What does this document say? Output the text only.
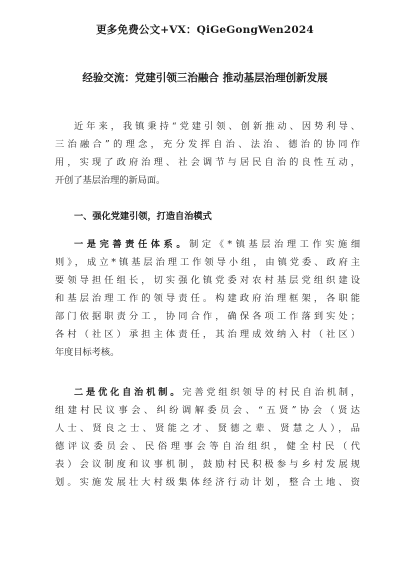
更多免费公文+VX：QiGeGongWen2024
经验交流：党建引领三治融合 推动基层治理创新发展
近年来，我镇秉持“党建引领、创新推动、因势利导、
三治融合”的理念，充分发挥自治、法治、德治的协同作
用，实现了政府治理、社会调节与居民自治的良性互动，
开创了基层治理的新局面。
一、强化党建引领，打造自治模式
一是完善责任体系。制定《*镇基层治理工作实施细
则》，成立*镇基层治理工作领导小组，由镇党委、政府主
要领导担任组长，切实强化镇党委对农村基层党组织建设
和基层治理工作的领导责任。构建政府治理框架，各职能
部门依据职责分工，协同合作，确保各项工作落到实处；
各村（社区）承担主体责任，其治理成效纳入村（社区）
年度目标考核。
二是优化自治机制。完善党组织领导的村民自治机制，
组建村民议事会、纠纷调解委员会、“五贤”协会（贤达
人士、贤良之士、贤能之才、贤德之辈、贤慧之人），品
德评议委员会、民俗理事会等自治组织，健全村民（代
表）会议制度和议事机制，鼓励村民积极参与乡村发展规
划。实施发展壮大村级集体经济行动计划，整合土地、资
